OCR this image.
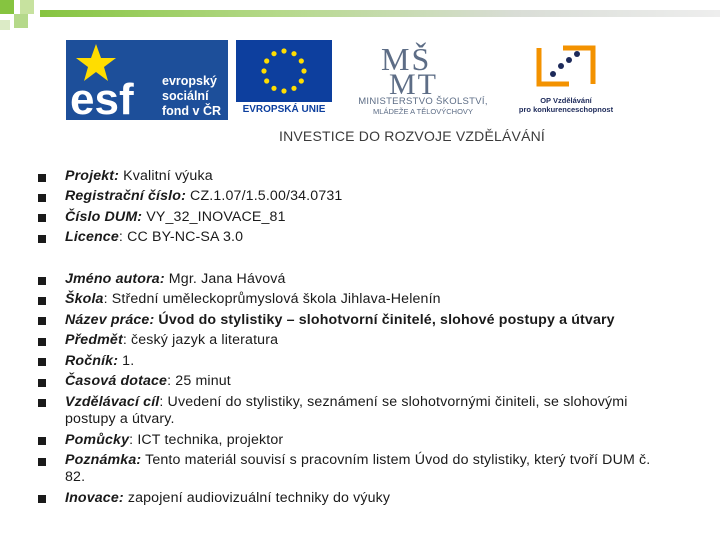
esf evropský
sociální
fond v ČR	EVROPSKÁ UNIE
MŠ
MT
MINISTERSTVO ŠKOLSTVÍ,
MLÁDEŽE A TĚLOVÝCHOVY
OP Vzdělávání
pro konkurenceschopnost
INVESTICE DO ROZVOJE VZDĚLÁVÁNÍ
Projekt: Kvalitní výuka
Registrační číslo: CZ.1.07/1.5.00/34.0731
Číslo DUM: VY_32_INOVACE_81
Licence: CC BY-NC-SA 3.0
Jméno autora: Mgr. Jana Hávová
Škola: Střední uměleckoprůmyslová škola Jihlava-Helenín
Název práce: Úvod do stylistiky – slohotvorní činitelé, slohové postupy a útvary
Předmět: český jazyk a literatura
Ročník: 1.
Časová dotace: 25 minut
Vzdělávací cíl: Uvedení do stylistiky, seznámení se slohotvornými činiteli, se slohovými postupy a útvary.
Pomůcky: ICT technika, projektor
Poznámka: Tento materiál souvisí s pracovním listem Úvod do stylistiky, který tvoří DUM č. 82.
Inovace: zapojení audiovizuální techniky do výuky
